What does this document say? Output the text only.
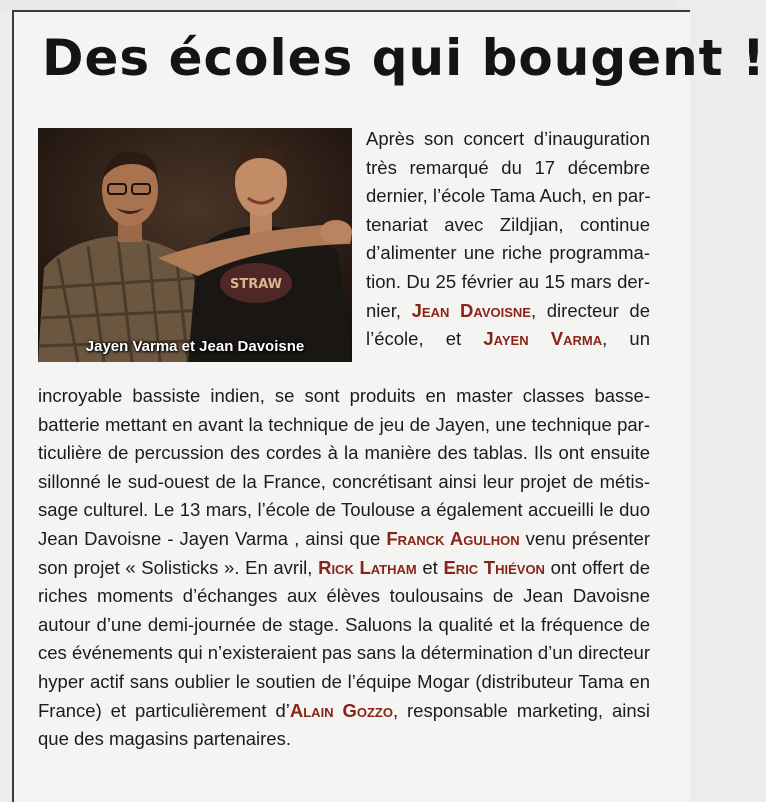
Des écoles qui bougent !
STRAW
Jayen Varma et Jean Davoisne
Après son concert d’inauguration
très remarqué du 17 décembre
dernier, l’école Tama Auch, en par-
tenariat avec Zildjian, continue
d’alimenter une riche programma-
tion. Du 25 février au 15 mars der-
nier, Jean Davoisne, directeur de
l’école, et Jayen Varma, un
incroyable bassiste indien, se sont produits en master classes basse-
batterie mettant en avant la technique de jeu de Jayen, une technique par-
ticulière de percussion des cordes à la manière des tablas. Ils ont ensuite
sillonné le sud-ouest de la France, concrétisant ainsi leur projet de métis-
sage culturel. Le 13 mars, l’école de Toulouse a également accueilli le duo
Jean Davoisne - Jayen Varma , ainsi que Franck Agulhon venu présenter
son projet « Solisticks ». En avril, Rick Latham et Eric Thiévon ont offert de
riches moments d’échanges aux élèves toulousains de Jean Davoisne
autour d’une demi-journée de stage. Saluons la qualité et la fréquence de
ces événements qui n’existeraient pas sans la détermination d’un directeur
hyper actif sans oublier le soutien de l’équipe Mogar (distributeur Tama en
France) et particulièrement d’Alain Gozzo, responsable marketing, ainsi
que des magasins partenaires.
